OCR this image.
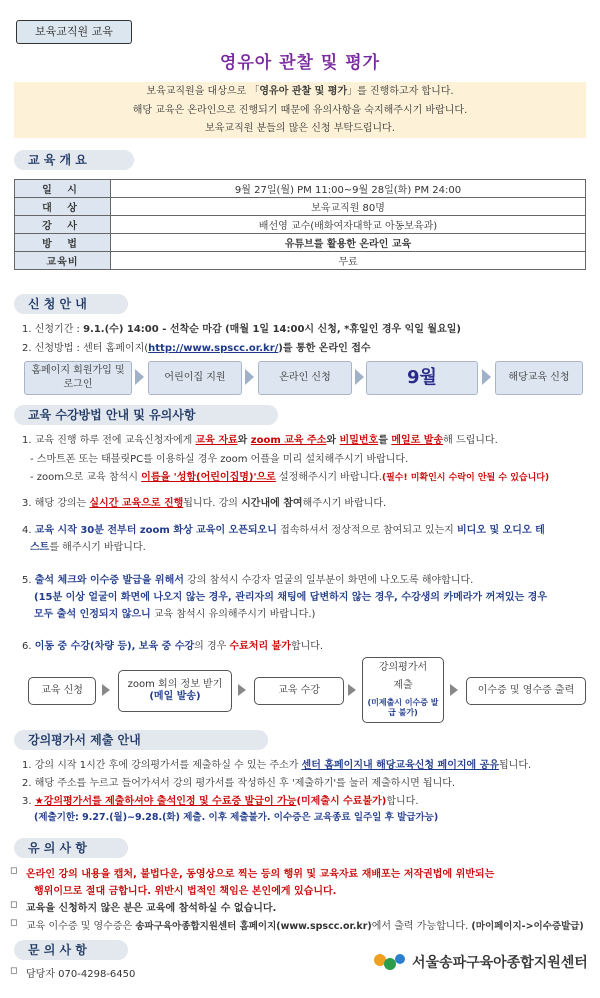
보육교직원 교육
영유아 관찰 및 평가
보육교직원을 대상으로 「영유아 관찰 및 평가」를 진행하고자 합니다.
해당 교육은 온라인으로 진행되기 때문에 유의사항을 숙지해주시기 바랍니다.
보육교직원 분들의 많은 신청 부탁드립니다.
교 육 개 요
일 시	9월 27일(월) PM 11:00~9월 28일(화) PM 24:00
대 상	보육교직원 80명
강 사	배선영 교수(배화여자대학교 아동보육과)
방 법	유튜브를 활용한 온라인 교육
교육비	무료
신 청 안 내
1. 신청기간 : 9.1.(수) 14:00 - 선착순 마감 (매월 1일 14:00시 신청, *휴일인 경우 익일 월요일)
2. 신청방법 : 센터 홈페이지(http://www.spscc.or.kr/)를 통한 온라인 접수
홈페이지 회원가입 및 로그인
어린이집 지원	온라인 신청	9월	해당교육 신청
교육 수강방법 안내 및 유의사항
1. 교육 진행 하루 전에 교육신청자에게 교육 자료와 zoom 교육 주소와 비밀번호를 메일로 발송해 드립니다.
- 스마트폰 또는 태블릿PC를 이용하실 경우 zoom 어플을 미리 설치해주시기 바랍니다.
- zoom으로 교육 참석시 이름을 '성함(어린이집명)'으로 설정해주시기 바랍니다.(필수! 미확인시 수락이 안될 수 있습니다)
3. 해당 강의는 실시간 교육으로 진행됩니다. 강의 시간내에 참여해주시기 바랍니다.
4. 교육 시작 30분 전부터 zoom 화상 교육이 오픈되오니 접속하셔서 정상적으로 참여되고 있는지 비디오 및 오디오 테
스트를 해주시기 바랍니다.
5. 출석 체크와 이수증 발급을 위해서 강의 참석시 수강자 얼굴의 일부분이 화면에 나오도록 해야합니다.
(15분 이상 얼굴이 화면에 나오지 않는 경우, 관리자의 채팅에 답변하지 않는 경우, 수강생의 카메라가 꺼져있는 경우
모두 출석 인정되지 않으니 교육 참석시 유의해주시기 바랍니다.)
6. 이동 중 수강(차량 등), 보육 중 수강의 경우 수료처리 불가합니다.
교육 신청
zoom 회의 정보 받기
(메일 발송)
교육 수강
강의평가서
제출
(미제출시 이수증 발급 불가)
이수증 및 영수증 출력
강의평가서 제출 안내
1. 강의 시작 1시간 후에 강의평가서를 제출하실 수 있는 주소가 센터 홈페이지내 해당교육신청 페이지에 공유됩니다.
2. 해당 주소를 누르고 들어가셔서 강의 평가서를 작성하신 후 '제출하기'를 눌러 제출하시면 됩니다.
3. ★강의평가서를 제출하셔야 출석인정 및 수료증 발급이 가능(미제출시 수료불가)합니다.
(제출기한: 9.27.(월)~9.28.(화) 제출. 이후 제출불가. 이수증은 교육종료 일주일 후 발급가능)
유 의 사 항
◻ 온라인 강의 내용을 캡처, 불법다운, 동영상으로 찍는 등의 행위 및 교육자료 재배포는 저작권법에 위반되는
행위이므로 절대 금합니다. 위반시 법적인 책임은 본인에게 있습니다.
◻ 교육을 신청하지 않은 분은 교육에 참석하실 수 없습니다.
◻ 교육 이수증 및 영수증은 송파구육아종합지원센터 홈페이지(www.spscc.or.kr)에서 출력 가능합니다. (마이페이지->이수증발급)
문 의 사 항
◻ 담당자 070-4298-6450
서울송파구육아종합지원센터
